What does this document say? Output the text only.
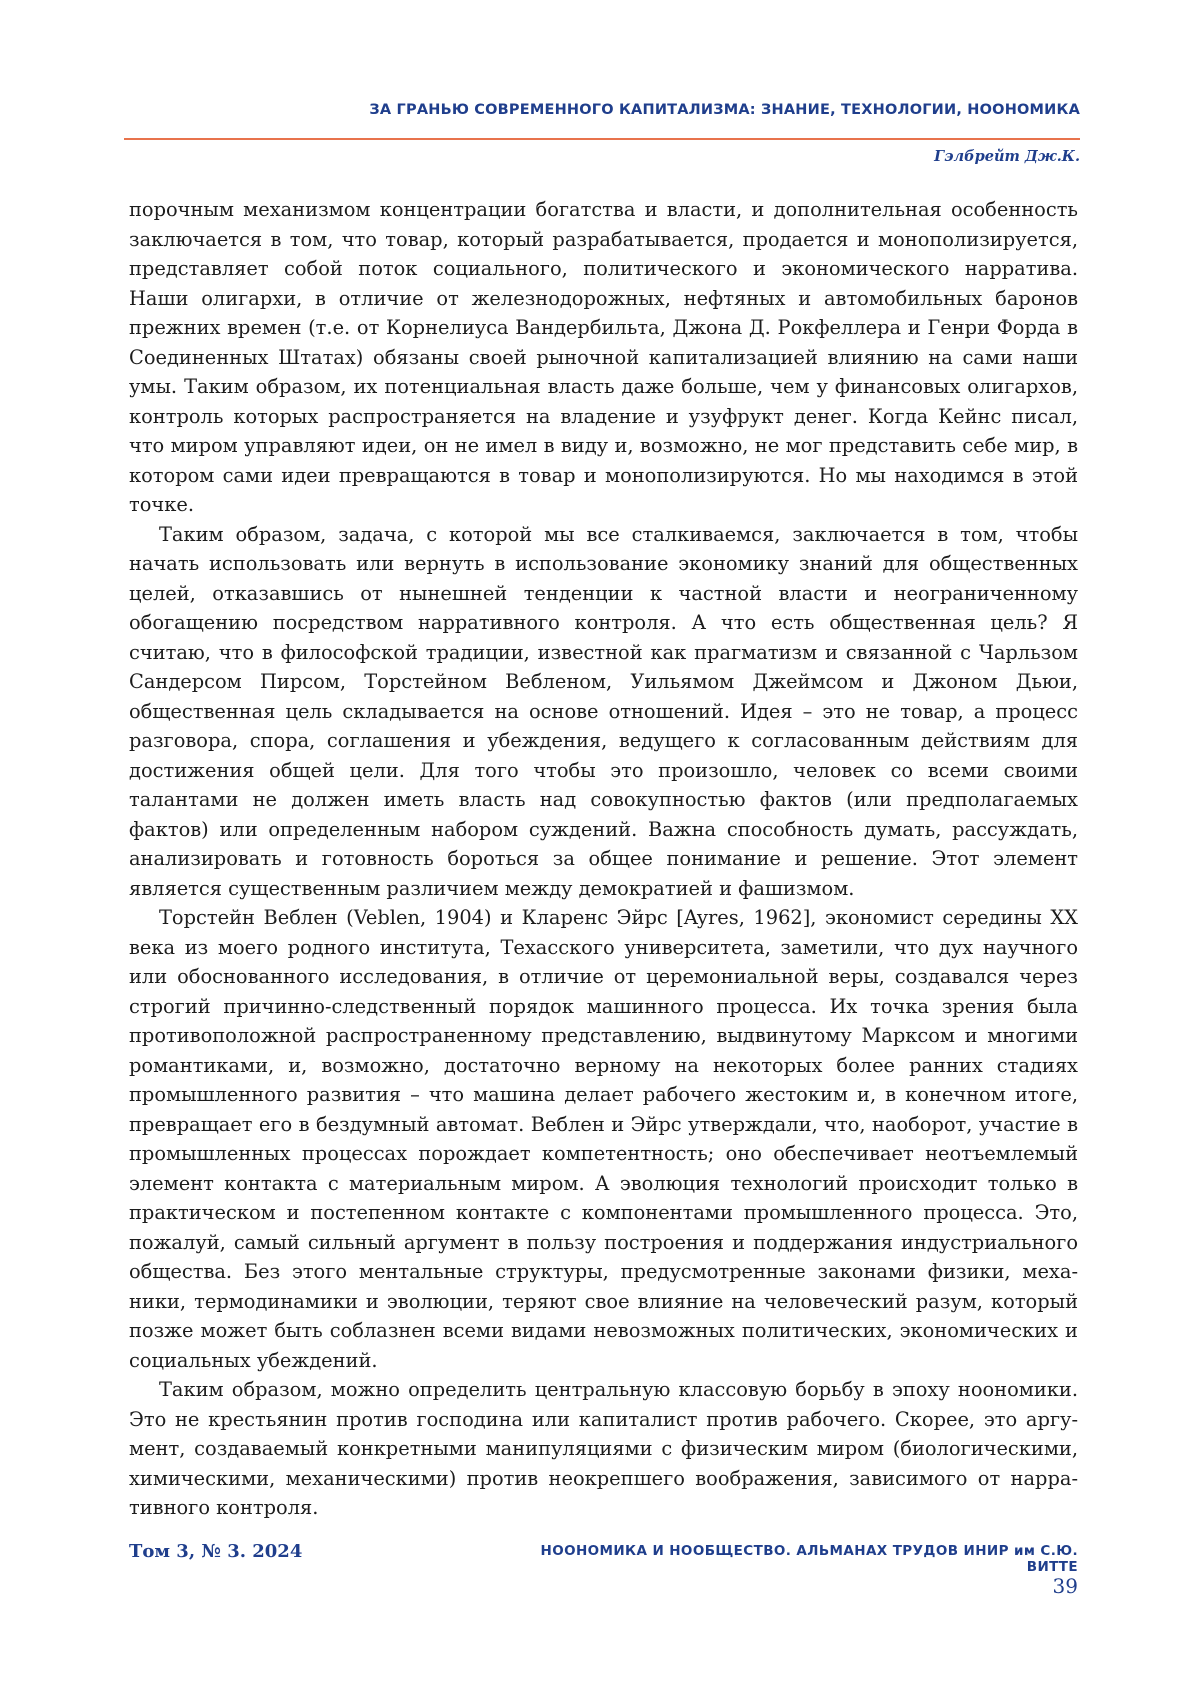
ЗА ГРАНЬЮ СОВРЕМЕННОГО КАПИТАЛИЗМА: ЗНАНИЕ, ТЕХНОЛОГИИ, НООНОМИКА
Гэлбрейт Дж.К.

порочным механизмом концентрации богатства и власти, и дополнительная особенность заключается в том, что товар, который разрабатывается, продается и монополизируется, представляет собой поток социального, политического и экономического нарратива. Наши олигархи, в отличие от железнодорожных, нефтяных и автомобильных баронов прежних времен (т.е. от Корнелиуса Вандербильта, Джона Д. Рокфеллера и Генри Форда в Соединенных Штатах) обязаны своей рыночной капитализацией влиянию на сами наши умы. Таким образом, их потенциальная власть даже больше, чем у финансовых олигархов, контроль которых распространяется на владение и узуфрукт денег. Когда Кейнс писал, что миром управляют идеи, он не имел в виду и, возможно, не мог представить себе мир, в котором сами идеи превращаются в товар и монополизируются. Но мы находимся в этой точке.

Таким образом, задача, с которой мы все сталкиваемся, заключается в том, чтобы начать использовать или вернуть в использование экономику знаний для общественных целей, отказавшись от нынешней тенденции к частной власти и неограниченному обогащению посредством нарративного контроля. А что есть общественная цель? Я считаю, что в философской традиции, известной как прагматизм и связанной с Чарльзом Сандерсом Пирсом, Торстейном Вебленом, Уильямом Джеймсом и Джоном Дьюи, общественная цель складывается на основе отношений. Идея – это не товар, а процесс разговора, спора, соглашения и убеждения, ведущего к согласованным действиям для достижения общей цели. Для того чтобы это произошло, человек со всеми своими талантами не должен иметь власть над совокупностью фактов (или предполагаемых фактов) или определенным набором суждений. Важна способность думать, рассуждать, анализировать и готовность бороться за общее понимание и решение. Этот элемент является существенным различием между демократией и фашизмом.

Торстейн Веблен (Veblen, 1904) и Кларенс Эйрс [Ayres, 1962], экономист середины XX века из моего родного института, Техасского университета, заметили, что дух научного или обоснованного исследования, в отличие от церемониальной веры, создавался через строгий причинно-следственный порядок машинного процесса. Их точка зрения была противоположной распространенному представлению, выдвинутому Марксом и многими романтиками, и, возможно, достаточно верному на некоторых более ранних стадиях промышленного развития – что машина делает рабочего жестоким и, в конечном итоге, превращает его в бездумный автомат. Веблен и Эйрс утверждали, что, наоборот, участие в промышленных процессах порождает компетентность; оно обеспечивает неотъемлемый элемент контакта с материальным миром. А эволюция технологий происходит только в практическом и постепенном контакте с компонентами промышленного процесса. Это, пожалуй, самый сильный аргумент в пользу построения и поддержания индустриального общества. Без этого ментальные структуры, предусмотренные законами физики, механики, термодинамики и эволюции, теряют свое влияние на человеческий разум, который позже может быть соблазнен всеми видами невозможных политических, экономических и социальных убеждений.

Таким образом, можно определить центральную классовую борьбу в эпоху ноономики. Это не крестьянин против господина или капиталист против рабочего. Скорее, это аргумент, создаваемый конкретными манипуляциями с физическим миром (биологическими, химическими, механическими) против неокрепшего воображения, зависимого от нарративного контроля.

Том 3, № 3. 2024	НООНОМИКА И НООБЩЕСТВО. АЛЬМАНАХ ТРУДОВ ИНИР им С.Ю. ВИТТЕ
39
